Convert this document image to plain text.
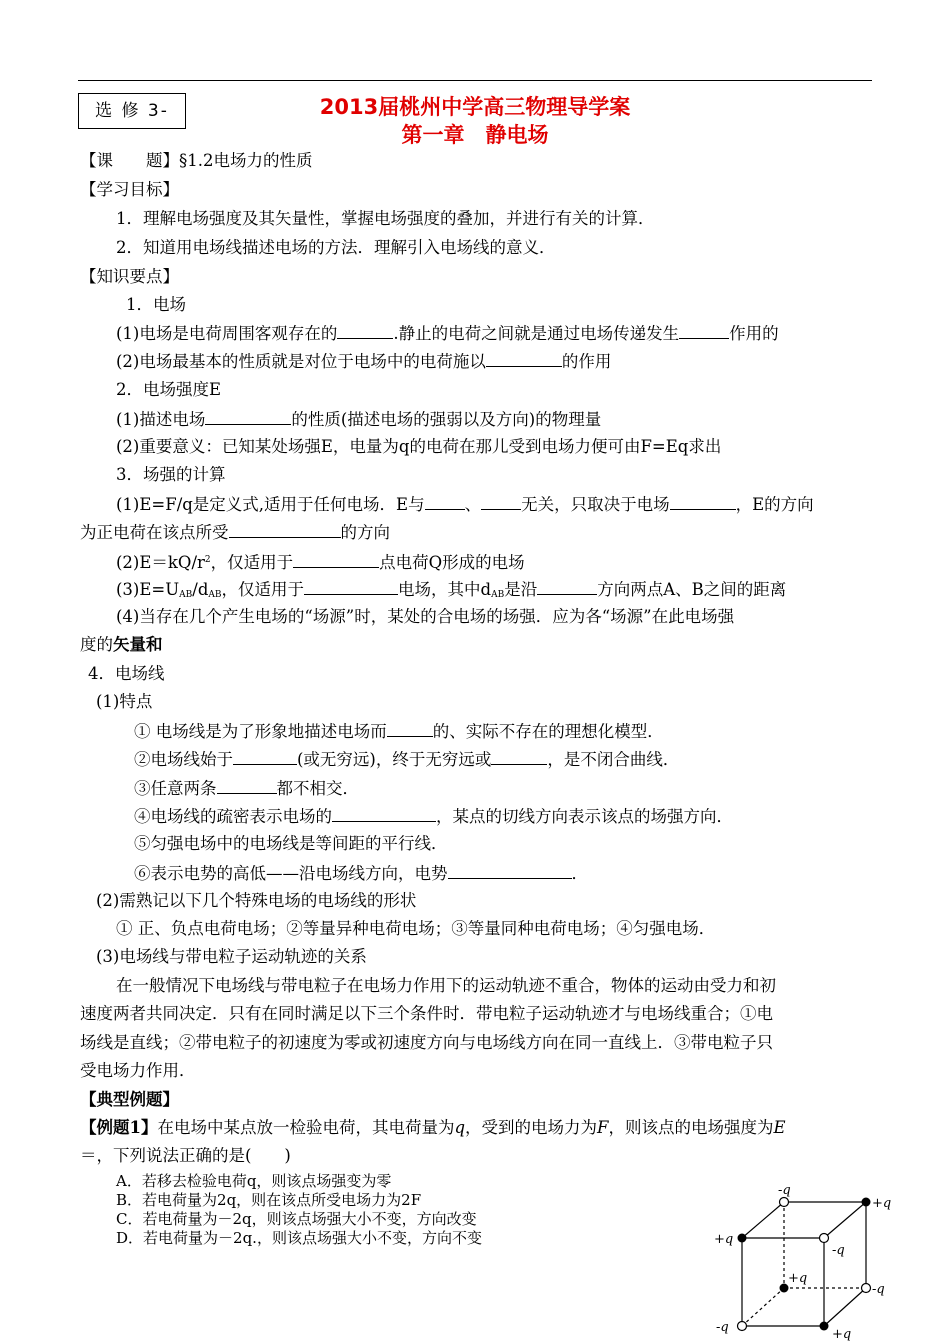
选 修 3-	2013届桃州中学高三物理导学案
第一章　静电场
【课　　题】§1.2电场力的性质
【学习目标】
1．理解电场强度及其矢量性，掌握电场强度的叠加，并进行有关的计算．
2．知道用电场线描述电场的方法．理解引入电场线的意义．
【知识要点】
1．电场
(1)电场是电荷周围客观存在的	.静止的电荷之间就是通过电场传递发生	作用的
(2)电场最基本的性质就是对位于电场中的电荷施以	的作用
2．电场强度E
(1)描述电场	的性质(描述电场的强弱以及方向)的物理量
(2)重要意义：已知某处场强E，电量为q的电荷在那儿受到电场力便可由F=Eq求出
3．场强的计算
(1)E=F/q是定义式,适用于任何电场．E与 、 无关，只取决于电场	，E的方向
为正电荷在该点所受	的方向
$(2)E=kQ/r^2$，仅适用于	点电荷Q形成的电场
$(3)E=U_{AB}/d_{AB}$，仅适用于	电场，其中$d_{AB}$是沿	方向两点A、B之间的距离
(4)当存在几个产生电场的“场源”时，某处的合电场的场强．应为各“场源”在此电场强
度的矢量和
4．电场线
(1)特点
① 电场线是为了形象地描述电场而	的、实际不存在的理想化模型．
②电场线始于	(或无穷远)，终于无穷远或	，是不闭合曲线．
③任意两条	都不相交．
④电场线的疏密表示电场的	，某点的切线方向表示该点的场强方向．
⑤匀强电场中的电场线是等间距的平行线．
⑥表示电势的高低——沿电场线方向，电势	．
(2)需熟记以下几个特殊电场的电场线的形状
① 正、负点电荷电场；②等量异种电荷电场；③等量同种电荷电场；④匀强电场．
(3)电场线与带电粒子运动轨迹的关系
在一般情况下电场线与带电粒子在电场力作用下的运动轨迹不重合，物体的运动由受力和初
速度两者共同决定．只有在同时满足以下三个条件时．带电粒子运动轨迹才与电场线重合；①电
场线是直线；②带电粒子的初速度为零或初速度方向与电场线方向在同一直线上．③带电粒子只
受电场力作用．
【典型例题】
【例题1】在电场中某点放一检验电荷，其电荷量为q，受到的电场力为F，则该点的电场强度为E
＝，下列说法正确的是(　　)
A．若移去检验电荷q，则该点场强变为零
B．若电荷量为2q，则在该点所受电场力为2F
C．若电荷量为－2q，则该点场强大小不变，方向改变
D．若电荷量为－2q.，则该点场强大小不变，方向不变
-q
+q
+q
-q
+q
-q
-q	+q
